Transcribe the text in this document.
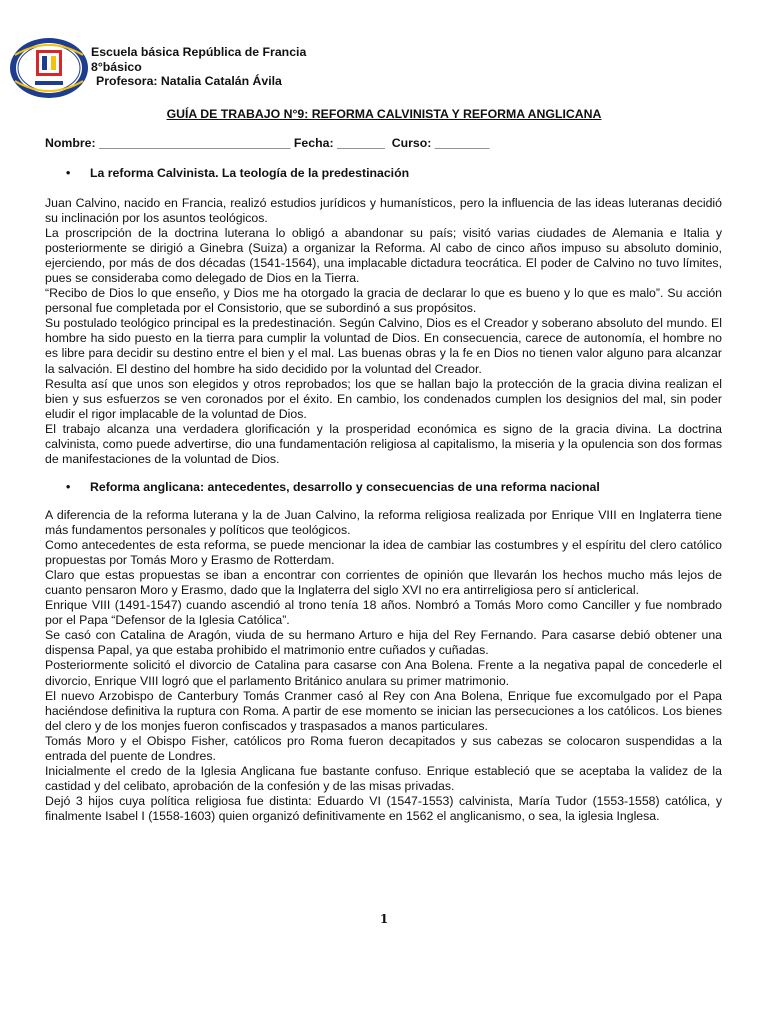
Escuela básica República de Francia
8°básico
Profesora: Natalia Catalán Ávila
GUÍA DE TRABAJO N°9: REFORMA CALVINISTA Y REFORMA ANGLICANA
Nombre: ____________________________ Fecha: _______ Curso: ________
• La reforma Calvinista. La teología de la predestinación

Juan Calvino, nacido en Francia, realizó estudios jurídicos y humanísticos, pero la influencia de las ideas luteranas decidió su inclinación por los asuntos teológicos.

La proscripción de la doctrina luterana lo obligó a abandonar su país; visitó varias ciudades de Alemania e Italia y posteriormente se dirigió a Ginebra (Suiza) a organizar la Reforma. Al cabo de cinco años impuso su absoluto dominio, ejerciendo, por más de dos décadas (1541-1564), una implacable dictadura teocrática. El poder de Calvino no tuvo límites, pues se consideraba como delegado de Dios en la Tierra.

“Recibo de Dios lo que enseño, y Dios me ha otorgado la gracia de declarar lo que es bueno y lo que es malo”. Su acción personal fue completada por el Consistorio, que se subordinó a sus propósitos.

Su postulado teológico principal es la predestinación. Según Calvino, Dios es el Creador y soberano absoluto del mundo. El hombre ha sido puesto en la tierra para cumplir la voluntad de Dios. En consecuencia, carece de autonomía, el hombre no es libre para decidir su destino entre el bien y el mal. Las buenas obras y la fe en Dios no tienen valor alguno para alcanzar la salvación. El destino del hombre ha sido decidido por la voluntad del Creador.

Resulta así que unos son elegidos y otros reprobados; los que se hallan bajo la protección de la gracia divina realizan el bien y sus esfuerzos se ven coronados por el éxito. En cambio, los condenados cumplen los designios del mal, sin poder eludir el rigor implacable de la voluntad de Dios.

El trabajo alcanza una verdadera glorificación y la prosperidad económica es signo de la gracia divina. La doctrina calvinista, como puede advertirse, dio una fundamentación religiosa al capitalismo, la miseria y la opulencia son dos formas de manifestaciones de la voluntad de Dios.

• Reforma anglicana: antecedentes, desarrollo y consecuencias de una reforma nacional

A diferencia de la reforma luterana y la de Juan Calvino, la reforma religiosa realizada por Enrique VIII en Inglaterra tiene más fundamentos personales y políticos que teológicos.

Como antecedentes de esta reforma, se puede mencionar la idea de cambiar las costumbres y el espíritu del clero católico propuestas por Tomás Moro y Erasmo de Rotterdam.

Claro que estas propuestas se iban a encontrar con corrientes de opinión que llevarán los hechos mucho más lejos de cuanto pensaron Moro y Erasmo, dado que la Inglaterra del siglo XVI no era antirreligiosa pero sí anticlerical.

Enrique VIII (1491-1547) cuando ascendió al trono tenía 18 años. Nombró a Tomás Moro como Canciller y fue nombrado por el Papa “Defensor de la Iglesia Católica”.

Se casó con Catalina de Aragón, viuda de su hermano Arturo e hija del Rey Fernando. Para casarse debió obtener una dispensa Papal, ya que estaba prohibido el matrimonio entre cuñados y cuñadas.

Posteriormente solicitó el divorcio de Catalina para casarse con Ana Bolena. Frente a la negativa papal de concederle el divorcio, Enrique VIII logró que el parlamento Británico anulara su primer matrimonio.

El nuevo Arzobispo de Canterbury Tomás Cranmer casó al Rey con Ana Bolena, Enrique fue excomulgado por el Papa haciéndose definitiva la ruptura con Roma. A partir de ese momento se inician las persecuciones a los católicos. Los bienes del clero y de los monjes fueron confiscados y traspasados a manos particulares.

Tomás Moro y el Obispo Fisher, católicos pro Roma fueron decapitados y sus cabezas se colocaron suspendidas a la entrada del puente de Londres.

Inicialmente el credo de la Iglesia Anglicana fue bastante confuso. Enrique estableció que se aceptaba la validez de la castidad y del celibato, aprobación de la confesión y de las misas privadas.

Dejó 3 hijos cuya política religiosa fue distinta: Eduardo VI (1547-1553) calvinista, María Tudor (1553-1558) católica, y finalmente Isabel I (1558-1603) quien organizó definitivamente en 1562 el anglicanismo, o sea, la iglesia Inglesa.

1
